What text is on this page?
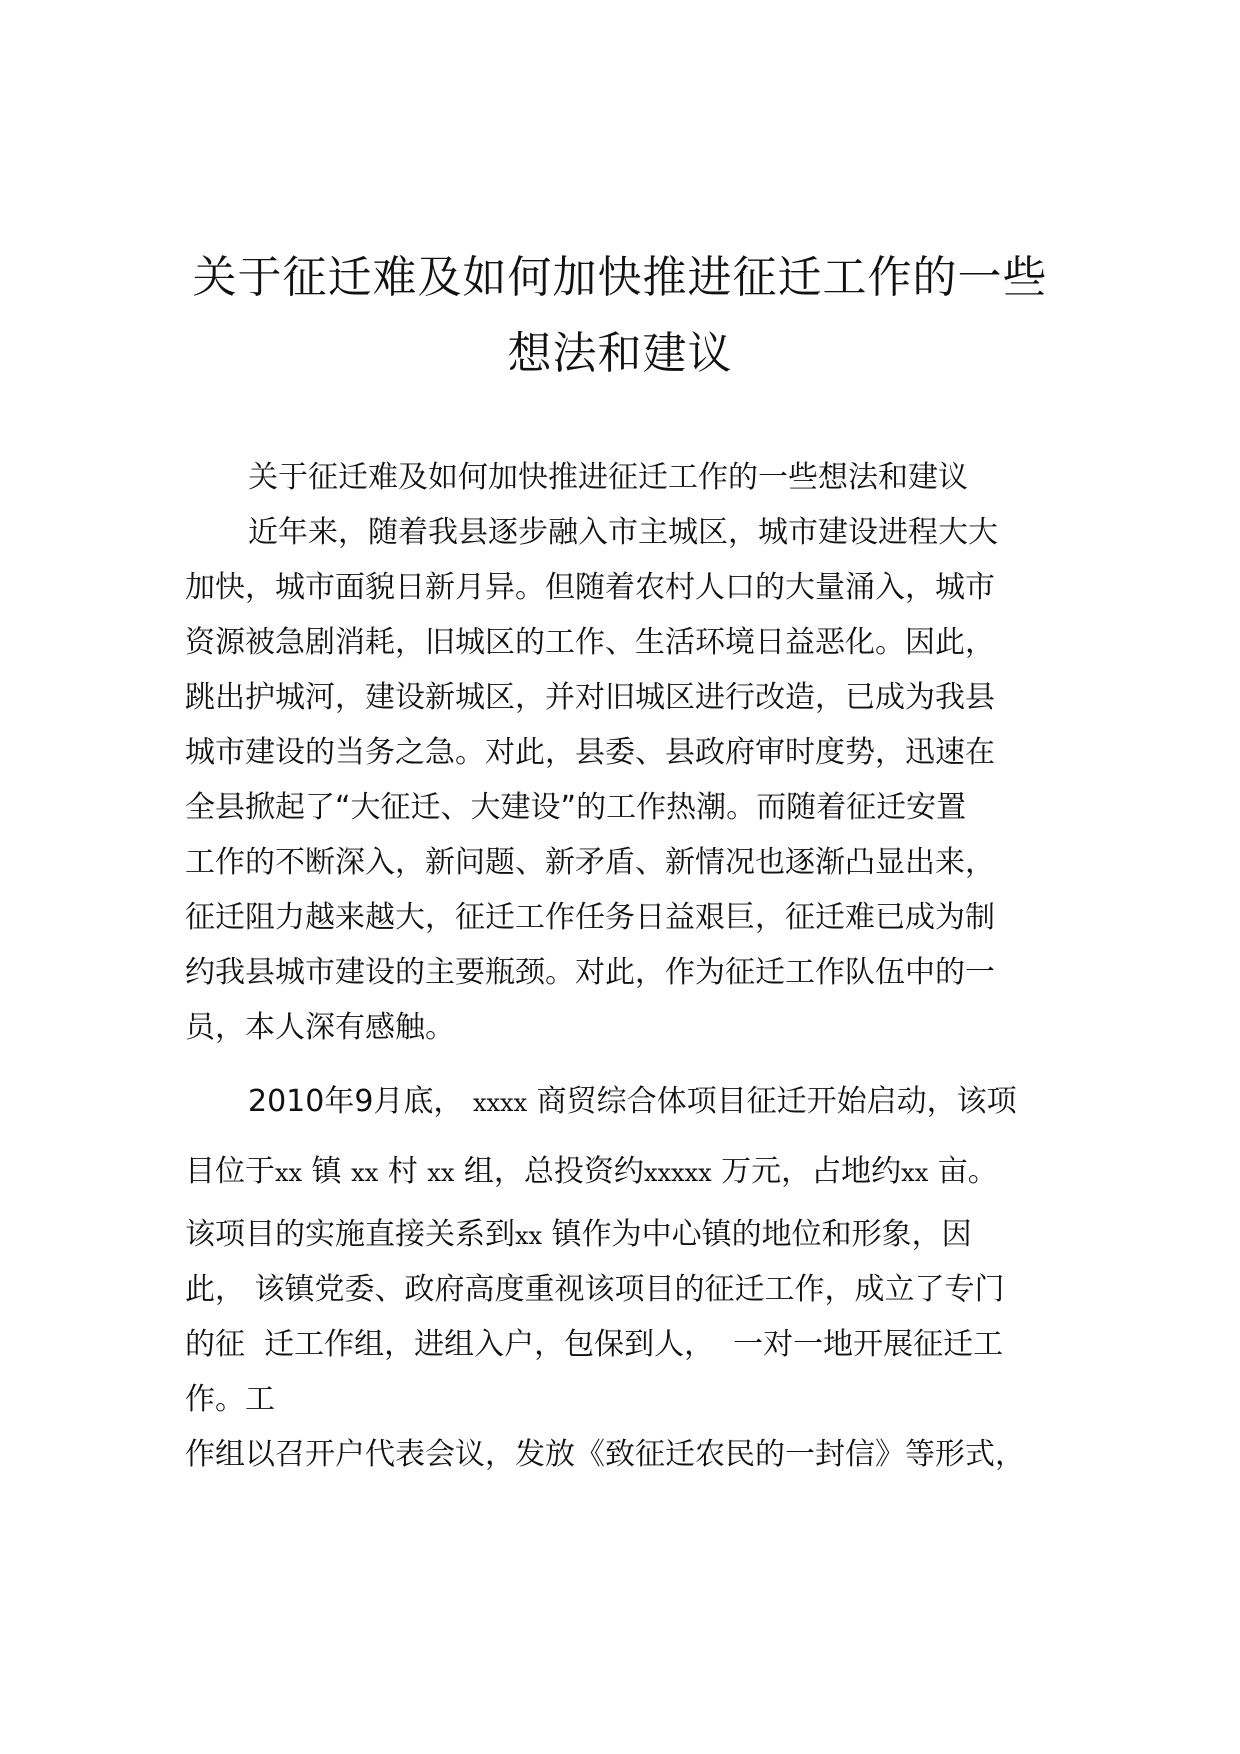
关于征迁难及如何加快推进征迁工作的一些
想法和建议
关于征迁难及如何加快推进征迁工作的一些想法和建议
近年来，随着我县逐步融入市主城区，城市建设进程大大
加快，城市面貌日新月异。但随着农村人口的大量涌入，城市
资源被急剧消耗，旧城区的工作、生活环境日益恶化。因此，
跳出护城河，建设新城区，并对旧城区进行改造，已成为我县
城市建设的当务之急。对此，县委、县政府审时度势，迅速在
全县掀起了“大征迁、大建设”的工作热潮。而随着征迁安置
工作的不断深入，新问题、新矛盾、新情况也逐渐凸显出来，
征迁阻力越来越大，征迁工作任务日益艰巨，征迁难已成为制
约我县城市建设的主要瓶颈。对此，作为征迁工作队伍中的一
员，本人深有感触。
2010年9月底， xxxx 商贸综合体项目征迁开始启动，该项
目位于xx 镇 xx 村 xx 组，总投资约xxxxx 万元，占地约xx 亩。
该项目的实施直接关系到xx 镇作为中心镇的地位和形象，因
此， 该镇党委、政府高度重视该项目的征迁工作，成立了专门
的征  迁工作组，进组入户，包保到人，  一对一地开展征迁工
作。工
作组以召开户代表会议，发放《致征迁农民的一封信》等形式，
